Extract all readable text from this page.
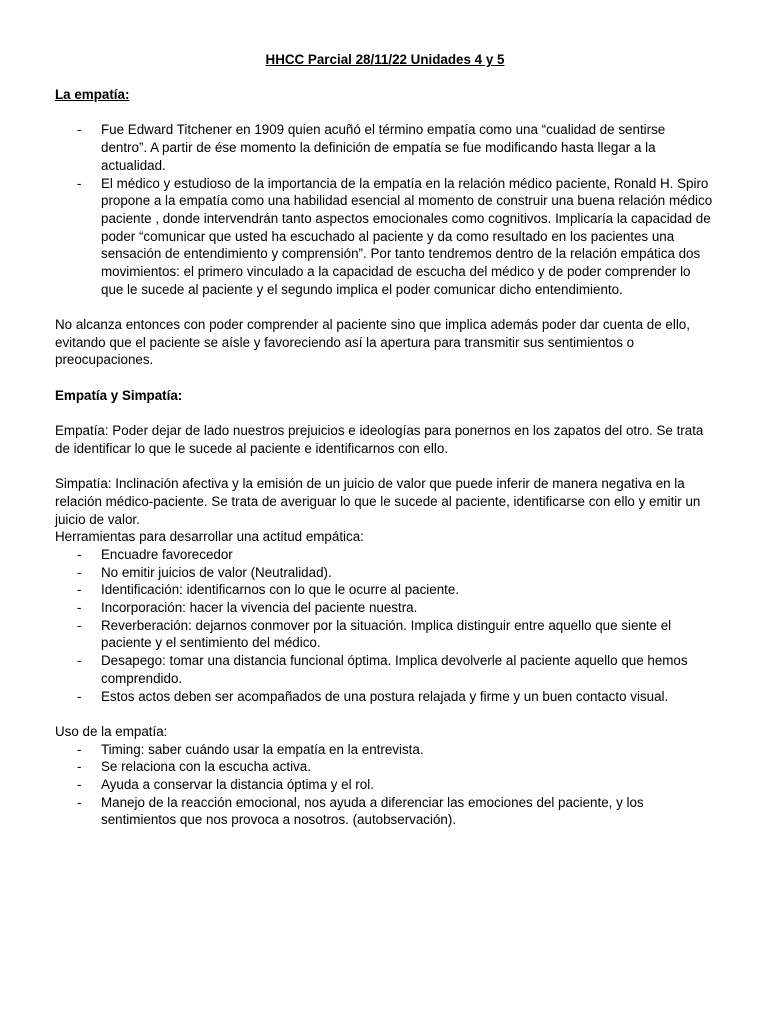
HHCC Parcial 28/11/22 Unidades 4 y 5
La empatía:
- Fue Edward Titchener en 1909 quien acuñó el término empatía como una “cualidad de sentirse dentro”. A partir de ése momento la definición de empatía se fue modificando hasta llegar a la actualidad.
- El médico y estudioso de la importancia de la empatía en la relación médico paciente, Ronald H. Spiro propone a la empatía como una habilidad esencial al momento de construir una buena relación médico paciente , donde intervendrán tanto aspectos emocionales como cognitivos. Implicaría la capacidad de poder “comunicar que usted ha escuchado al paciente y da como resultado en los pacientes una sensación de entendimiento y comprensión”. Por tanto tendremos dentro de la relación empática dos movimientos: el primero vinculado a la capacidad de escucha del médico y de poder comprender lo que le sucede al paciente y el segundo implica el poder comunicar dicho entendimiento.

No alcanza entonces con poder comprender al paciente sino que implica además poder dar cuenta de ello, evitando que el paciente se aísle y favoreciendo así la apertura para transmitir sus sentimientos o preocupaciones.

Empatía y Simpatía:

Empatía: Poder dejar de lado nuestros prejuicios e ideologías para ponernos en los zapatos del otro. Se trata de identificar lo que le sucede al paciente e identificarnos con ello.

Simpatía: Inclinación afectiva y la emisión de un juicio de valor que puede inferir de manera negativa en la relación médico-paciente. Se trata de averiguar lo que le sucede al paciente, identificarse con ello y emitir un juicio de valor.

Herramientas para desarrollar una actitud empática:

- Encuadre favorecedor
- No emitir juicios de valor (Neutralidad).
- Identificación: identificarnos con lo que le ocurre al paciente.
- Incorporación: hacer la vivencia del paciente nuestra.
- Reverberación: dejarnos conmover por la situación. Implica distinguir entre aquello que siente el paciente y el sentimiento del médico.
- Desapego: tomar una distancia funcional óptima. Implica devolverle al paciente aquello que hemos comprendido.
- Estos actos deben ser acompañados de una postura relajada y firme y un buen contacto visual.

Uso de la empatía:

- Timing: saber cuándo usar la empatía en la entrevista.
- Se relaciona con la escucha activa.
- Ayuda a conservar la distancia óptima y el rol.
- Manejo de la reacción emocional, nos ayuda a diferenciar las emociones del paciente, y los sentimientos que nos provoca a nosotros. (autobservación).
